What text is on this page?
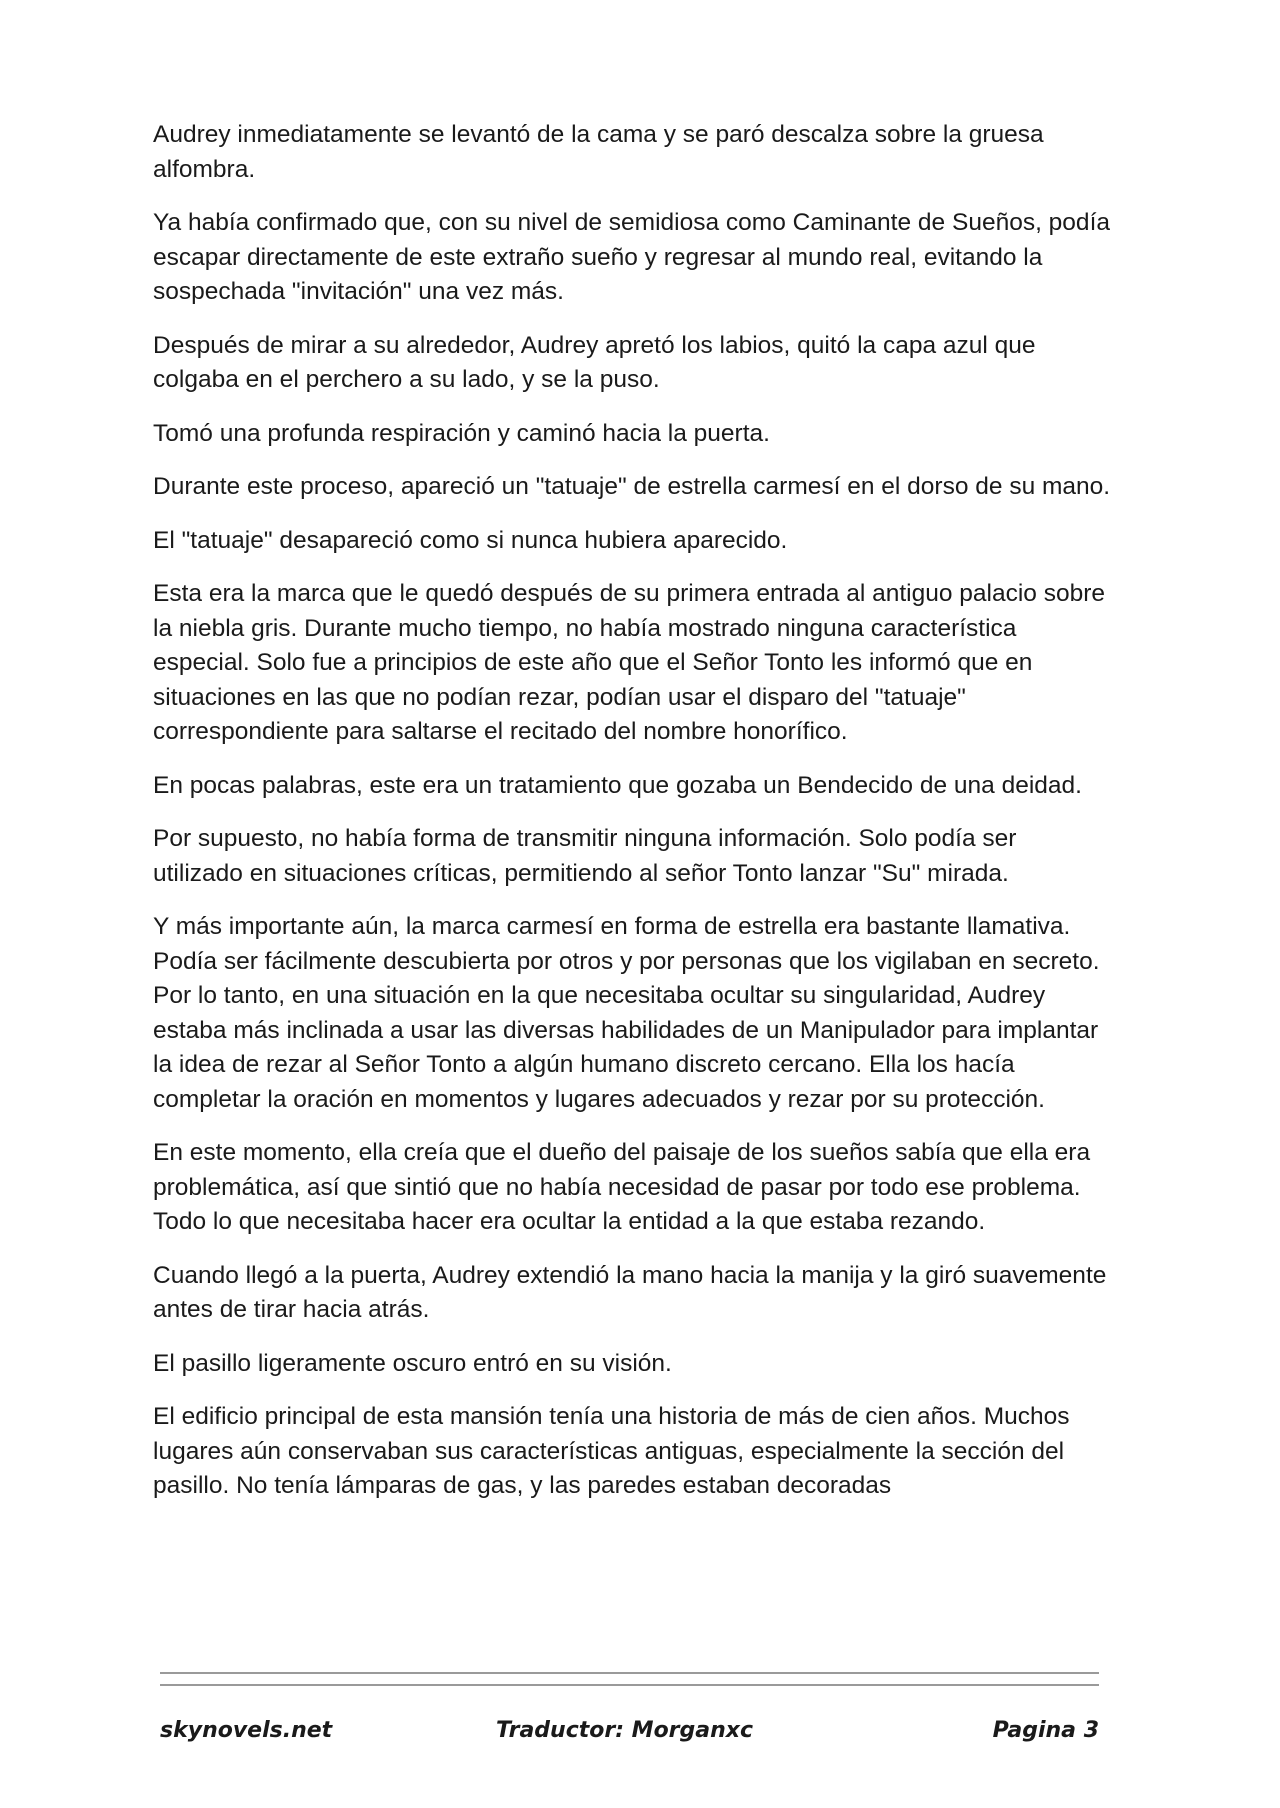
Audrey inmediatamente se levantó de la cama y se paró descalza sobre la gruesa alfombra.

Ya había confirmado que, con su nivel de semidiosa como Caminante de Sueños, podía escapar directamente de este extraño sueño y regresar al mundo real, evitando la sospechada "invitación" una vez más.

Después de mirar a su alrededor, Audrey apretó los labios, quitó la capa azul que colgaba en el perchero a su lado, y se la puso.

Tomó una profunda respiración y caminó hacia la puerta.

Durante este proceso, apareció un "tatuaje" de estrella carmesí en el dorso de su mano.

El "tatuaje" desapareció como si nunca hubiera aparecido.

Esta era la marca que le quedó después de su primera entrada al antiguo palacio sobre la niebla gris. Durante mucho tiempo, no había mostrado ninguna característica especial. Solo fue a principios de este año que el Señor Tonto les informó que en situaciones en las que no podían rezar, podían usar el disparo del "tatuaje" correspondiente para saltarse el recitado del nombre honorífico.

En pocas palabras, este era un tratamiento que gozaba un Bendecido de una deidad.

Por supuesto, no había forma de transmitir ninguna información. Solo podía ser utilizado en situaciones críticas, permitiendo al señor Tonto lanzar "Su" mirada.

Y más importante aún, la marca carmesí en forma de estrella era bastante llamativa. Podía ser fácilmente descubierta por otros y por personas que los vigilaban en secreto. Por lo tanto, en una situación en la que necesitaba ocultar su singularidad, Audrey estaba más inclinada a usar las diversas habilidades de un Manipulador para implantar la idea de rezar al Señor Tonto a algún humano discreto cercano. Ella los hacía completar la oración en momentos y lugares adecuados y rezar por su protección.

En este momento, ella creía que el dueño del paisaje de los sueños sabía que ella era problemática, así que sintió que no había necesidad de pasar por todo ese problema. Todo lo que necesitaba hacer era ocultar la entidad a la que estaba rezando.

Cuando llegó a la puerta, Audrey extendió la mano hacia la manija y la giró suavemente antes de tirar hacia atrás.

El pasillo ligeramente oscuro entró en su visión.

El edificio principal de esta mansión tenía una historia de más de cien años. Muchos lugares aún conservaban sus características antiguas, especialmente la sección del pasillo. No tenía lámparas de gas, y las paredes estaban decoradas

skynovels.net	Traductor: Morganxc	Pagina 3
